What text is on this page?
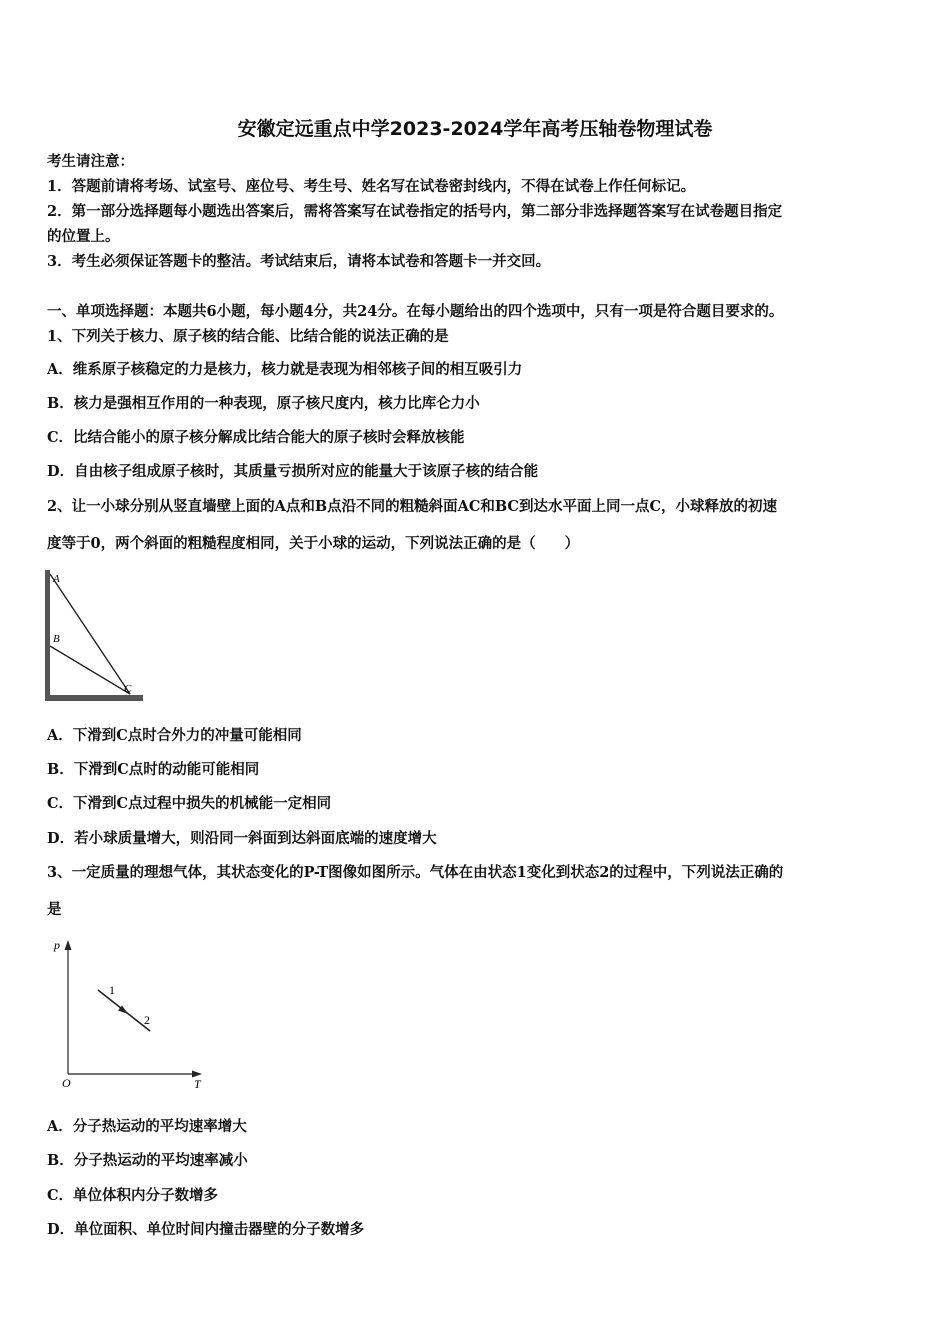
安徽定远重点中学2023-2024学年高考压轴卷物理试卷
考生请注意：
1．答题前请将考场、试室号、座位号、考生号、姓名写在试卷密封线内，不得在试卷上作任何标记。
2．第一部分选择题每小题选出答案后，需将答案写在试卷指定的括号内，第二部分非选择题答案写在试卷题目指定
的位置上。
3．考生必须保证答题卡的整洁。考试结束后，请将本试卷和答题卡一并交回。
一、单项选择题：本题共6小题，每小题4分，共24分。在每小题给出的四个选项中，只有一项是符合题目要求的。
1、下列关于核力、原子核的结合能、比结合能的说法正确的是
A．维系原子核稳定的力是核力，核力就是表现为相邻核子间的相互吸引力
B．核力是强相互作用的一种表现，原子核尺度内，核力比库仑力小
C．比结合能小的原子核分解成比结合能大的原子核时会释放核能
D．自由核子组成原子核时，其质量亏损所对应的能量大于该原子核的结合能
2、让一小球分别从竖直墙壁上面的A点和B点沿不同的粗糙斜面AC和BC到达水平面上同一点C，小球释放的初速
度等于0，两个斜面的粗糙程度相同，关于小球的运动，下列说法正确的是（　　）
A
B
C
A．下滑到C点时合外力的冲量可能相同
B．下滑到C点时的动能可能相同
C．下滑到C点过程中损失的机械能一定相同
D．若小球质量增大，则沿同一斜面到达斜面底端的速度增大
3、一定质量的理想气体，其状态变化的P-T图像如图所示。气体在由状态1变化到状态2的过程中，下列说法正确的
是
p
O	T
1
2
A．分子热运动的平均速率增大
B．分子热运动的平均速率减小
C．单位体积内分子数增多
D．单位面积、单位时间内撞击器壁的分子数增多
